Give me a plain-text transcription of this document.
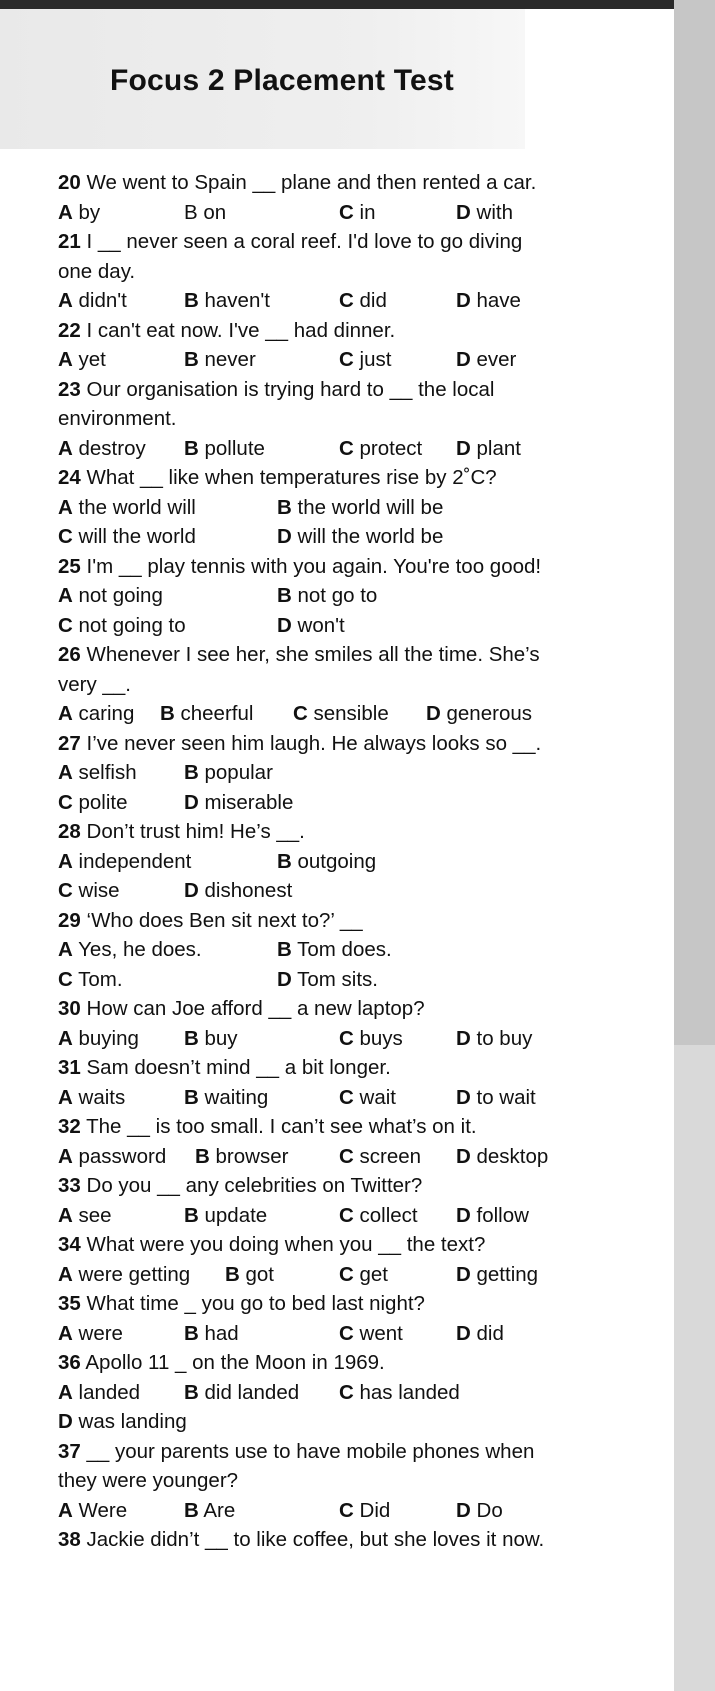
Focus 2 Placement Test
20 We went to Spain __ plane and then rented a car.
A by	B on	C in	D with
21 I __ never seen a coral reef. I'd love to go diving one day.
A didn't	B haven't	C did	D have
22 I can't eat now. I've __ had dinner.
A yet	B never	C just	D ever
23 Our organisation is trying hard to __ the local environment.
A destroy	B pollute	C protect	D plant
24 What __ like when temperatures rise by 2˚C?
A the world will	B the world will be
C will the world	D will the world be
25 I'm __ play tennis with you again. You're too good!
A not going	B not go to
C not going to	D won't
26 Whenever I see her, she smiles all the time. She’s very __.
A caring	B cheerful	C sensible	D generous
27 I’ve never seen him laugh. He always looks so __.
A selfish	B popular
C polite	D miserable
28 Don’t trust him! He’s __.
A independent	B outgoing
C wise	D dishonest
29 ‘Who does Ben sit next to?’ __
A Yes, he does.	B Tom does.
C Tom.	D Tom sits.
30 How can Joe afford __ a new laptop?
A buying	B buy	C buys	D to buy
31 Sam doesn’t mind __ a bit longer.
A waits	B waiting	C wait	D to wait
32 The __ is too small. I can’t see what’s on it.
A password	B browser	C screen	D desktop
33 Do you __ any celebrities on Twitter?
A see	B update	C collect	D follow
34 What were you doing when you __ the text?
A were getting	B got	C get	D getting
35 What time _ you go to bed last night?
A were	B had	C went	D did
36 Apollo 11 _ on the Moon in 1969.
A landed	B did landed	C has landed
D was landing
37 __ your parents use to have mobile phones when they were younger?
A Were	B Are	C Did	D Do
38 Jackie didn’t __ to like coffee, but she loves it now.
